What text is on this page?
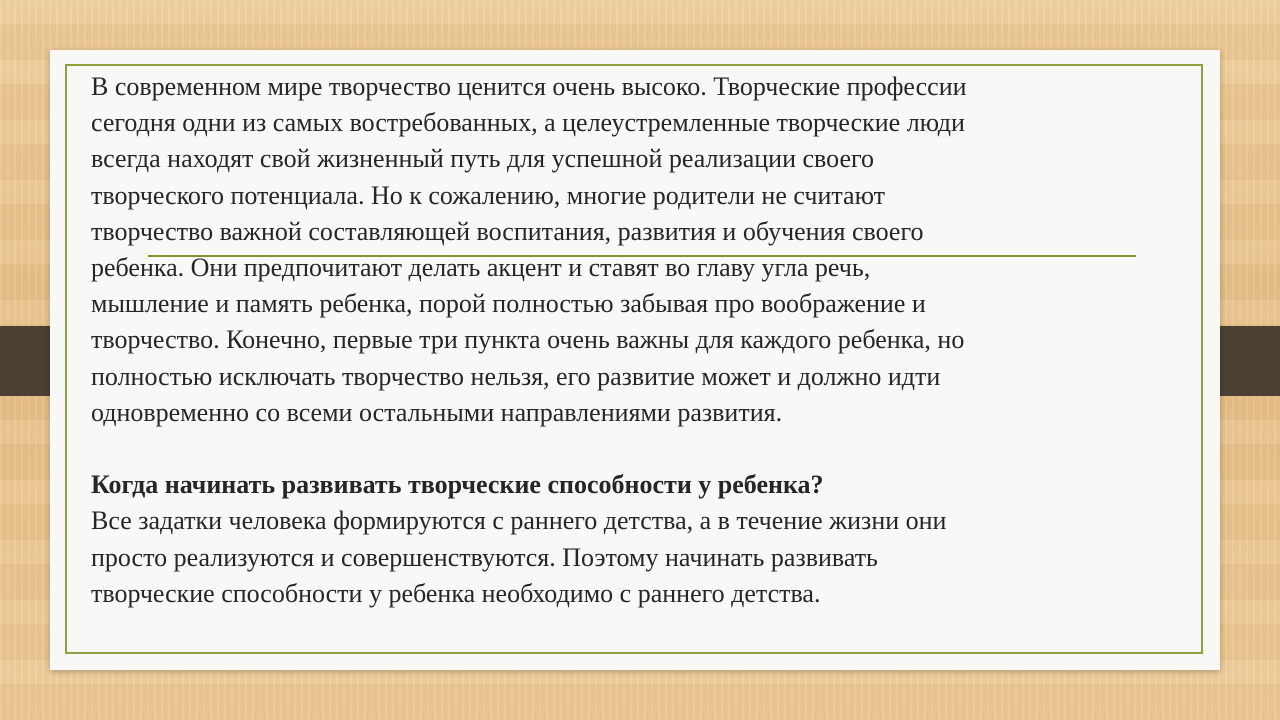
В современном мире творчество ценится очень высоко. Творческие профессии
сегодня одни из самых востребованных, а целеустремленные творческие люди
всегда находят свой жизненный путь для успешной реализации своего
творческого потенциала. Но к сожалению, многие родители не считают
творчество важной составляющей воспитания, развития и обучения своего
ребенка. Они предпочитают делать акцент и ставят во главу угла речь,
мышление и память ребенка, порой полностью забывая про воображение и
творчество. Конечно, первые три пункта очень важны для каждого ребенка, но
полностью исключать творчество нельзя, его развитие может и должно идти
одновременно со всеми остальными направлениями развития.

Когда начинать развивать творческие способности у ребенка?

Все задатки человека формируются с раннего детства, а в течение жизни они
просто реализуются и совершенствуются. Поэтому начинать развивать
творческие способности у ребенка необходимо с раннего детства.
